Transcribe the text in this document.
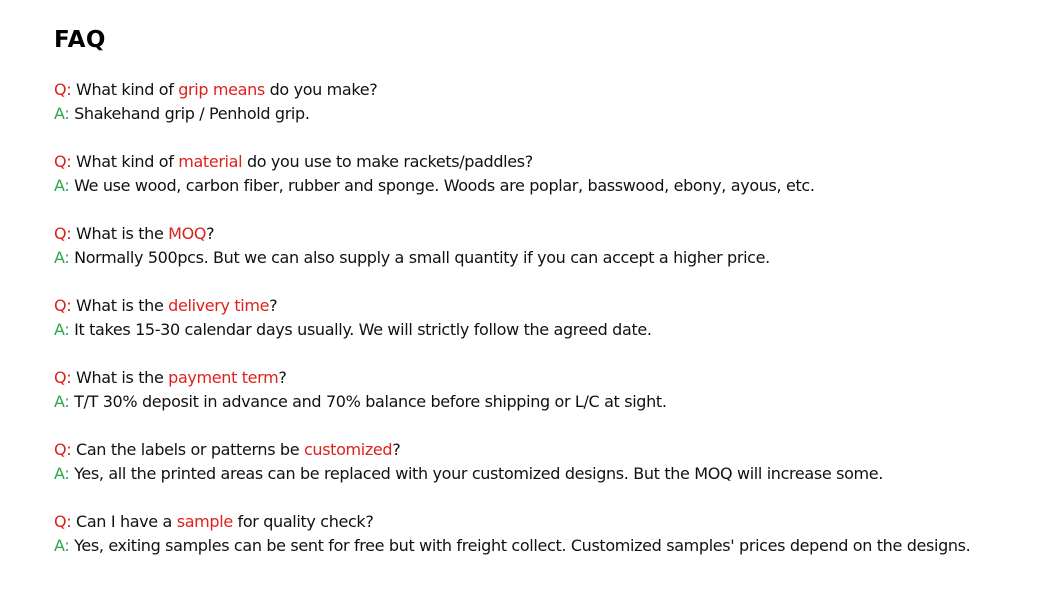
FAQ
Q: What kind of grip means do you make?
A: Shakehand grip / Penhold grip.
Q: What kind of material do you use to make rackets/paddles?
A: We use wood, carbon fiber, rubber and sponge. Woods are poplar, basswood, ebony, ayous, etc.
Q: What is the MOQ?
A: Normally 500pcs. But we can also supply a small quantity if you can accept a higher price.
Q: What is the delivery time?
A: It takes 15-30 calendar days usually. We will strictly follow the agreed date.
Q: What is the payment term?
A: T/T 30% deposit in advance and 70% balance before shipping or L/C at sight.
Q: Can the labels or patterns be customized?
A: Yes, all the printed areas can be replaced with your customized designs. But the MOQ will increase some.
Q: Can I have a sample for quality check?
A: Yes, exiting samples can be sent for free but with freight collect. Customized samples' prices depend on the designs.
